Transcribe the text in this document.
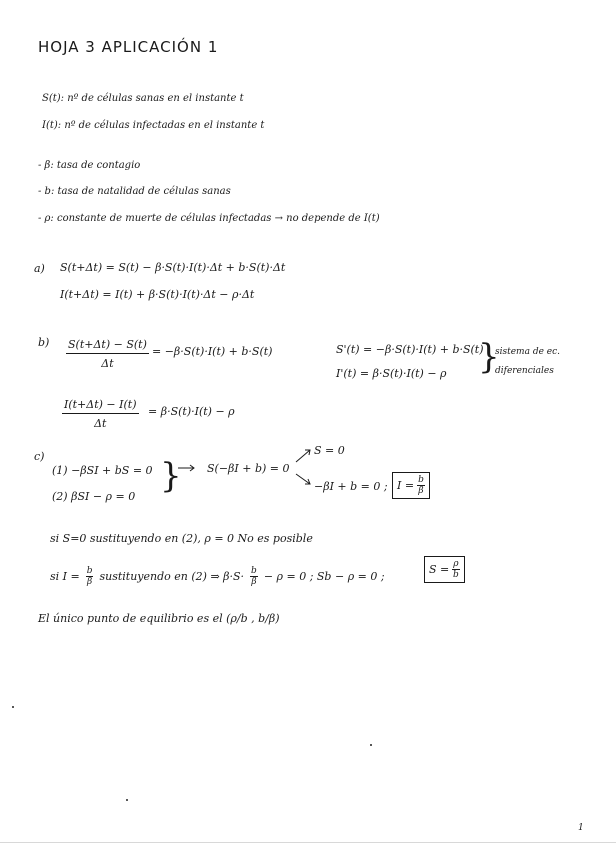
HOJA 3 APLICACIÓN 1
S(t): nº de células sanas en el instante t
I(t): nº de células infectadas en el instante t
- β: tasa de contagio
- b: tasa de natalidad de células sanas
- ρ: constante de muerte de células infectadas → no depende de I(t)
a) S(t+Δt) = S(t) − β·S(t)·I(t)·Δt + b·S(t)·Δt
I(t+Δt) = I(t) + β·S(t)·I(t)·Δt − ρ·Δt
$b) \frac{S(t+\Delta t) - S(t)}{\Delta t} = -\beta\cdot S(t)\cdot I(t) + b\cdot S(t)$	S'(t) = −β·S(t)·I(t) + b·S(t)
I'(t) = β·S(t)·I(t) − ρ }
sistema de ec.
diferenciales
$\frac{I(t+\Delta t) - I(t)}{\Delta t} = \beta\cdot S(t)\cdot I(t) - \rho$
c)
(1) −βSI + bS = 0
(2) βSI − ρ = 0
} S(−βI + b) = 0
S = 0
−βI + b = 0 ; $I = \frac{b}{\beta}$
si S=0 sustituyendo en (2), ρ = 0 No es posible
si $I = \frac{b}{\beta}$ sustituyendo en (2) ⇒ $\beta\cdot S\cdot \frac{b}{\beta} - \rho = 0$ ; Sb − ρ = 0 ;
$S = \frac{\rho}{b}$
El único punto de equilibrio es el (ρ/b , b/β)
1
